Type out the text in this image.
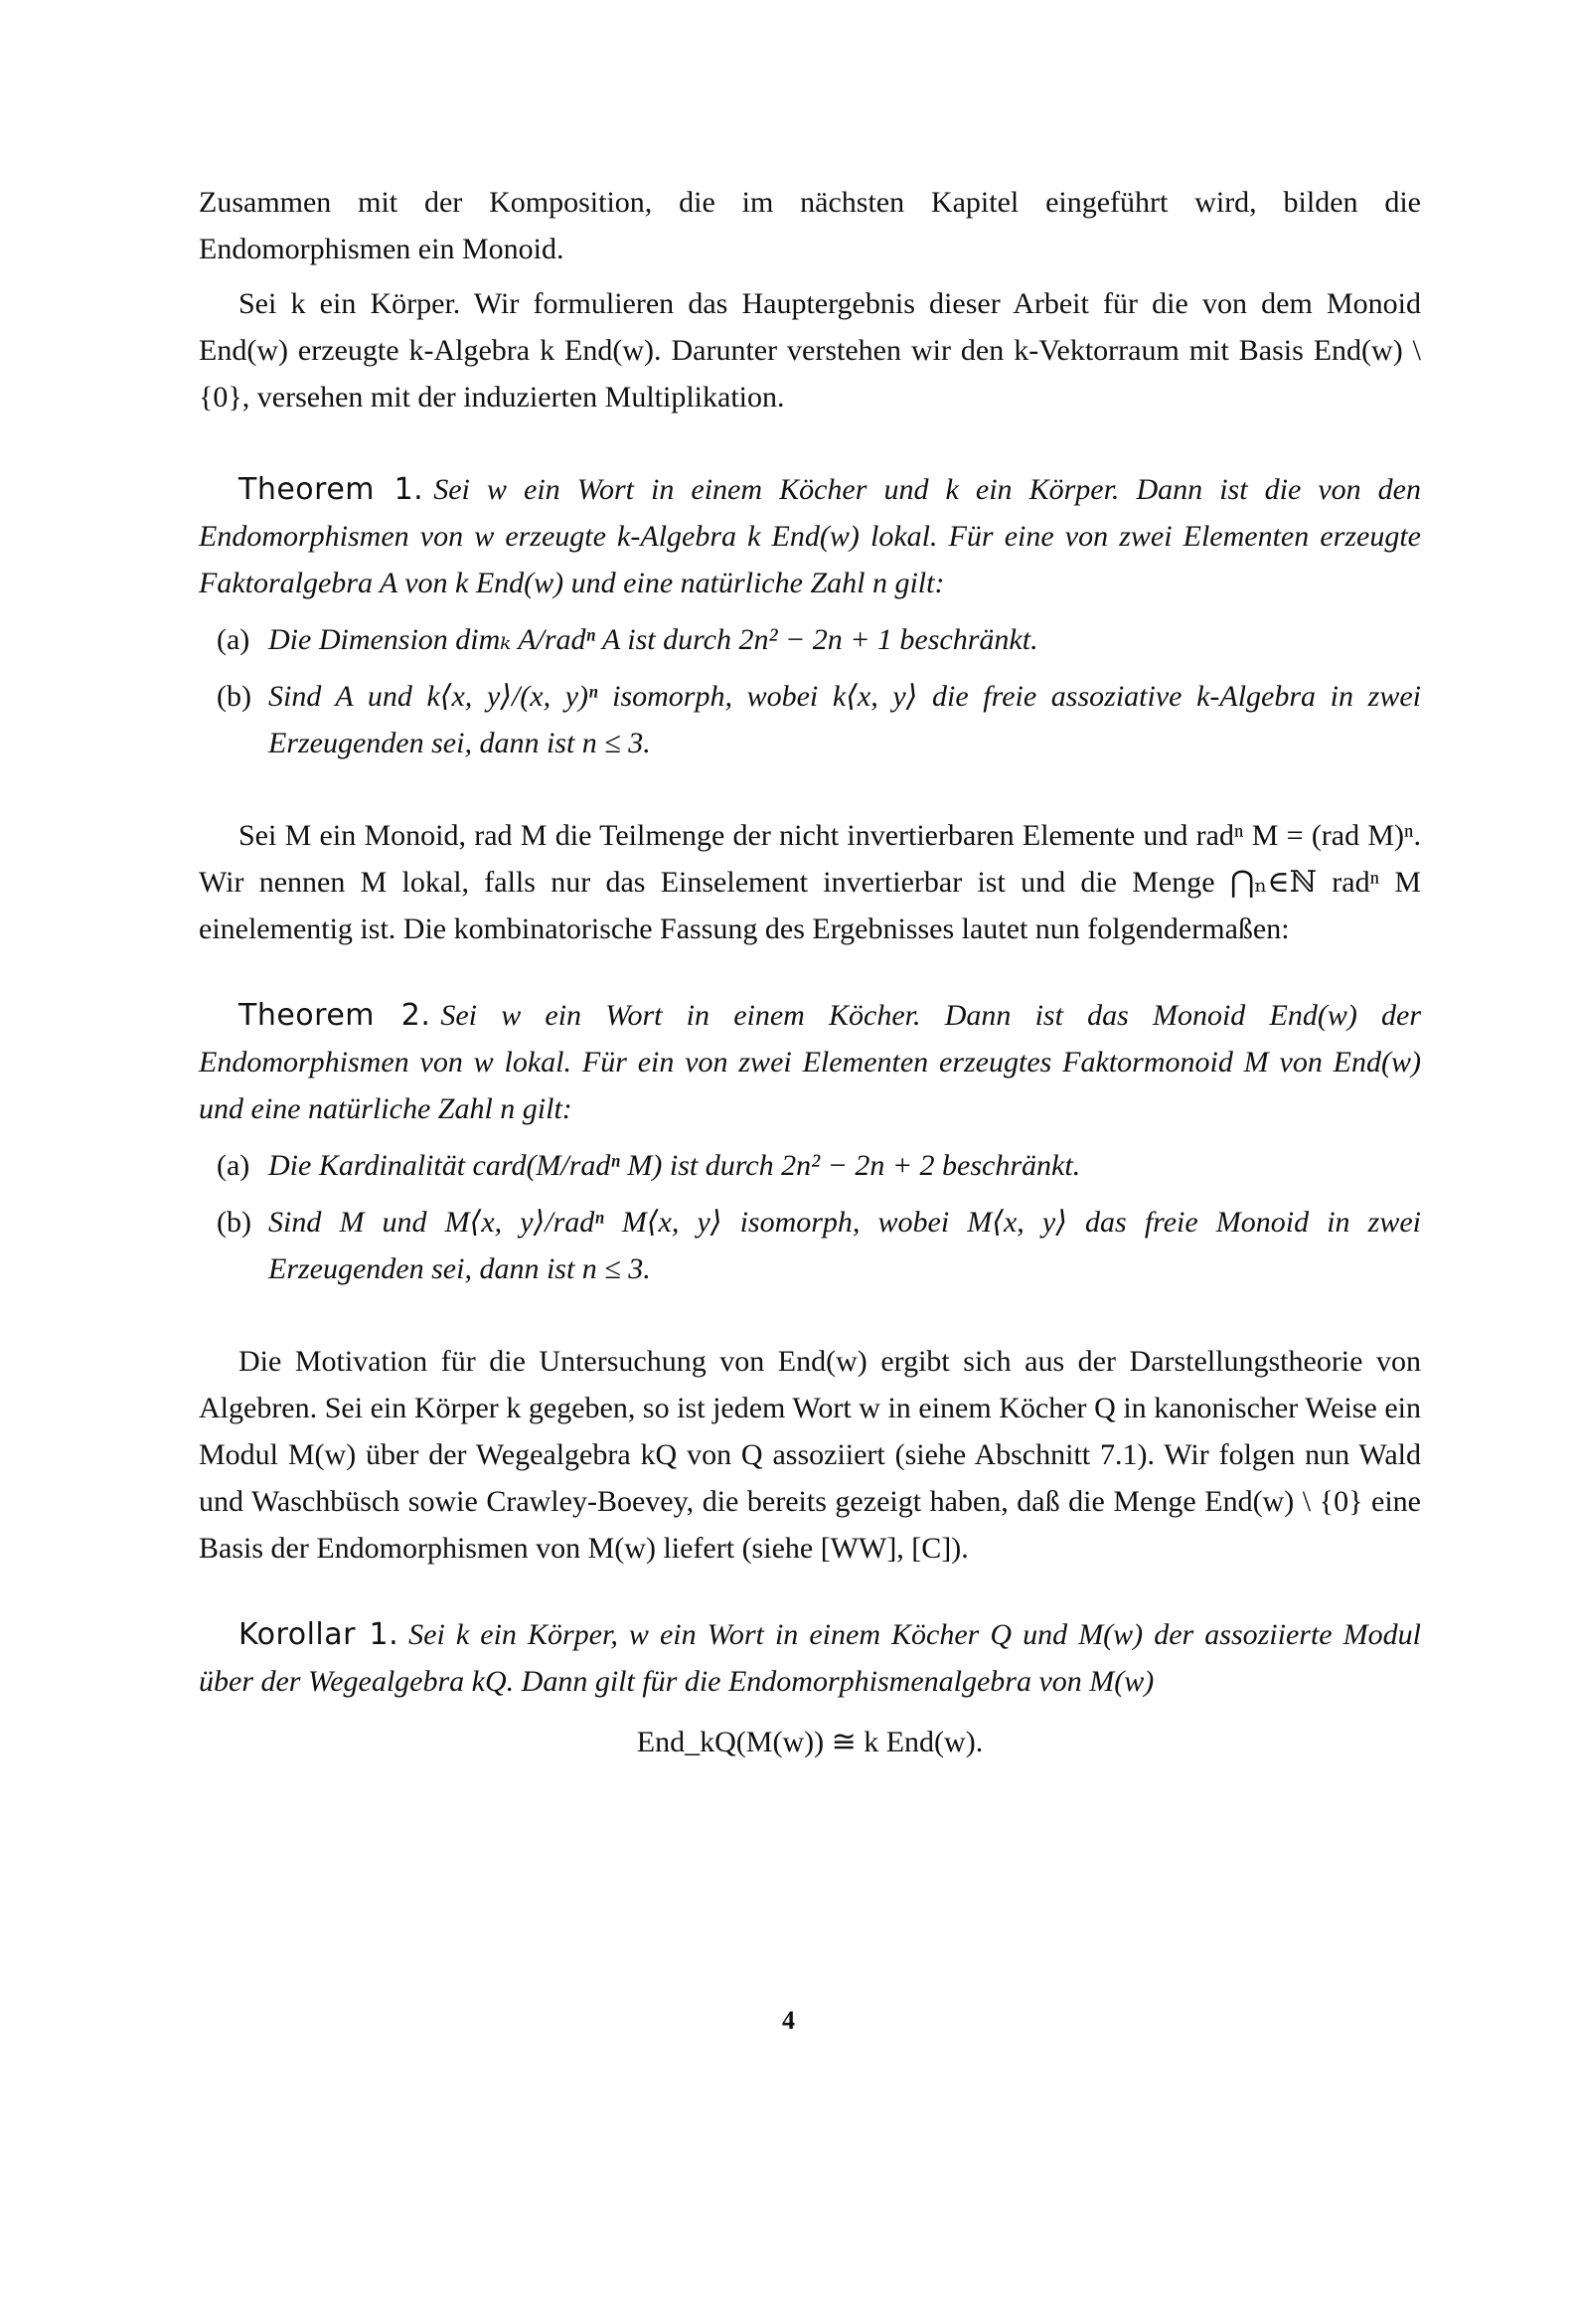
Zusammen mit der Komposition, die im nächsten Kapitel eingeführt wird, bilden die Endomorphismen ein Monoid.

Sei k ein Körper. Wir formulieren das Hauptergebnis dieser Arbeit für die von dem Monoid End(w) erzeugte k-Algebra k End(w). Darunter verstehen wir den k-Vektorraum mit Basis End(w) \ {0}, versehen mit der induzierten Multiplikation.

Theorem 1. Sei w ein Wort in einem Köcher und k ein Körper. Dann ist die von den Endomorphismen von w erzeugte k-Algebra k End(w) lokal. Für eine von zwei Elementen erzeugte Faktoralgebra A von k End(w) und eine natürliche Zahl n gilt:

(a) Die Dimension dimₖ A/radⁿ A ist durch 2n² − 2n + 1 beschränkt.
(b) Sind A und k⟨x, y⟩/(x, y)ⁿ isomorph, wobei k⟨x, y⟩ die freie assoziative k-Algebra in zwei Erzeugenden sei, dann ist n ≤ 3.

Sei M ein Monoid, rad M die Teilmenge der nicht invertierbaren Elemente und radⁿ M = (rad M)ⁿ. Wir nennen M lokal, falls nur das Einselement invertierbar ist und die Menge ⋂ₙ∈ℕ radⁿ M einelementig ist. Die kombinatorische Fassung des Ergebnisses lautet nun folgendermaßen:

Theorem 2. Sei w ein Wort in einem Köcher. Dann ist das Monoid End(w) der Endomorphismen von w lokal. Für ein von zwei Elementen erzeugtes Faktormonoid M von End(w) und eine natürliche Zahl n gilt:

(a) Die Kardinalität card(M/radⁿ M) ist durch 2n² − 2n + 2 beschränkt.
(b) Sind M und M⟨x, y⟩/radⁿ M⟨x, y⟩ isomorph, wobei M⟨x, y⟩ das freie Monoid in zwei Erzeugenden sei, dann ist n ≤ 3.

Die Motivation für die Untersuchung von End(w) ergibt sich aus der Darstellungstheorie von Algebren. Sei ein Körper k gegeben, so ist jedem Wort w in einem Köcher Q in kanonischer Weise ein Modul M(w) über der Wegealgebra kQ von Q assoziiert (siehe Abschnitt 7.1). Wir folgen nun Wald und Waschbüsch sowie Crawley-Boevey, die bereits gezeigt haben, daß die Menge End(w) \ {0} eine Basis der Endomorphismen von M(w) liefert (siehe [WW], [C]).

Korollar 1. Sei k ein Körper, w ein Wort in einem Köcher Q und M(w) der assoziierte Modul über der Wegealgebra kQ. Dann gilt für die Endomorphismenalgebra von M(w)

End_kQ(M(w)) ≅ k End(w).
4
